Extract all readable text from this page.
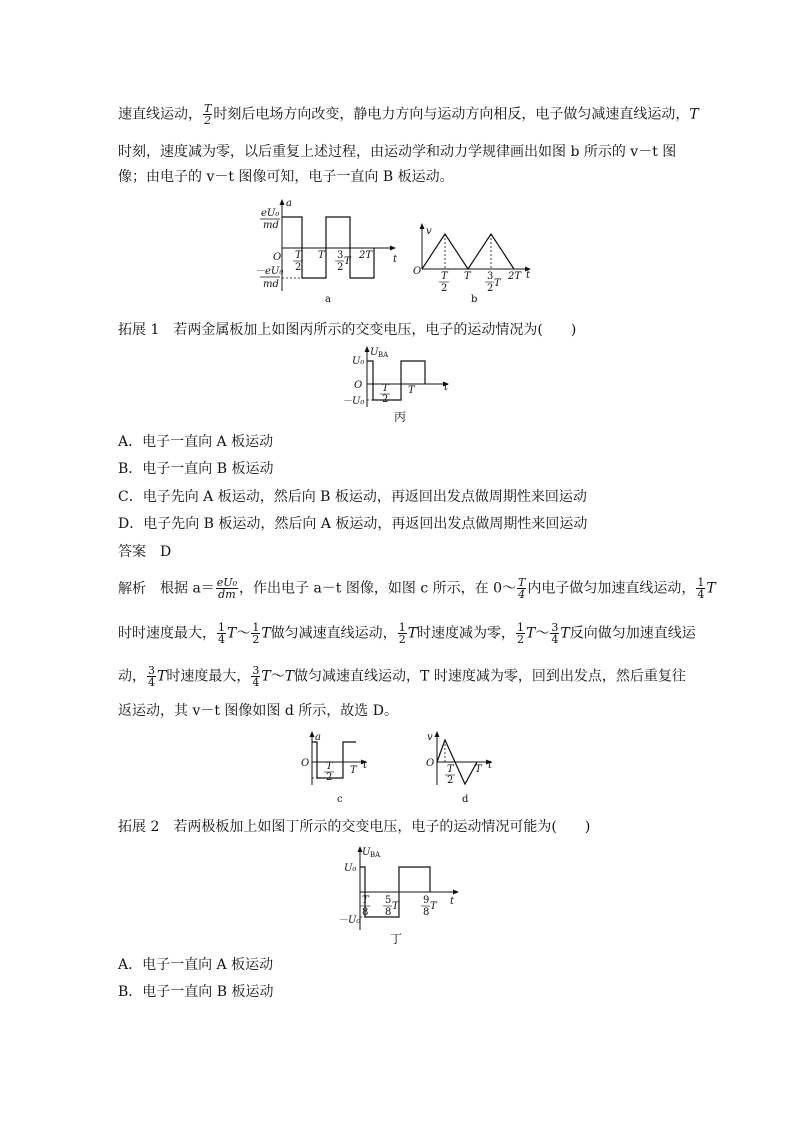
速直线运动， $\frac{T}{2}$ 时刻后电场方向改变，静电力方向与运动方向相反，电子做匀减速直线运动，T
时刻，速度减为零，以后重复上述过程，由运动学和动力学规律画出如图 b 所示的 v－t 图
像；由电子的 v－t 图像可知，电子一直向 B 板运动。
a
t
O
eU₀
md
－eU₀
md
T
2
T 3
2
T
2T
a
v
t
O T
2
T 3
2 T
2T
b
拓展 1　若两金属板加上如图丙所示的交变电压，电子的运动情况为(　　)
U BA
U₀
－U₀
O	t
T
2
T
丙
A．电子一直向 A 板运动
B．电子一直向 B 板运动
C．电子先向 A 板运动，然后向 B 板运动，再返回出发点做周期性来回运动
D．电子先向 B 板运动，然后向 A 板运动，再返回出发点做周期性来回运动
答案 D
解析 根据 $a= \frac{\text{eU₀}}{dm}$ ，作出电子 a－t 图像，如图 c 所示，在 0～ $\frac{T}{4}$ 内电子做匀加速直线运动， $\frac{1}{4}$ T
时时速度最大， $\frac{1}{4}$ T～ $\frac{1}{2}$ T做匀减速直线运动， $\frac{1}{2}$ T时速度减为零， $\frac{1}{2}$ T～ $\frac{3}{4}$ T反向做匀加速直线运
动， $\frac{3}{4}$ T时速度最大， $\frac{3}{4}$ T～T做匀减速直线运动，T 时速度减为零，回到出发点，然后重复往
返运动，其 v－t 图像如图 d 所示，故选 D。
a
O	t
T
2
T
c
v
O	t
T
2
T
d
拓展 2　若两极板加上如图丁所示的交变电压，电子的运动情况可能为(　　)
U BA
U₀
－U₀
t
T
8
5
8
T
9
8
T
丁
A．电子一直向 A 板运动
B．电子一直向 B 板运动
